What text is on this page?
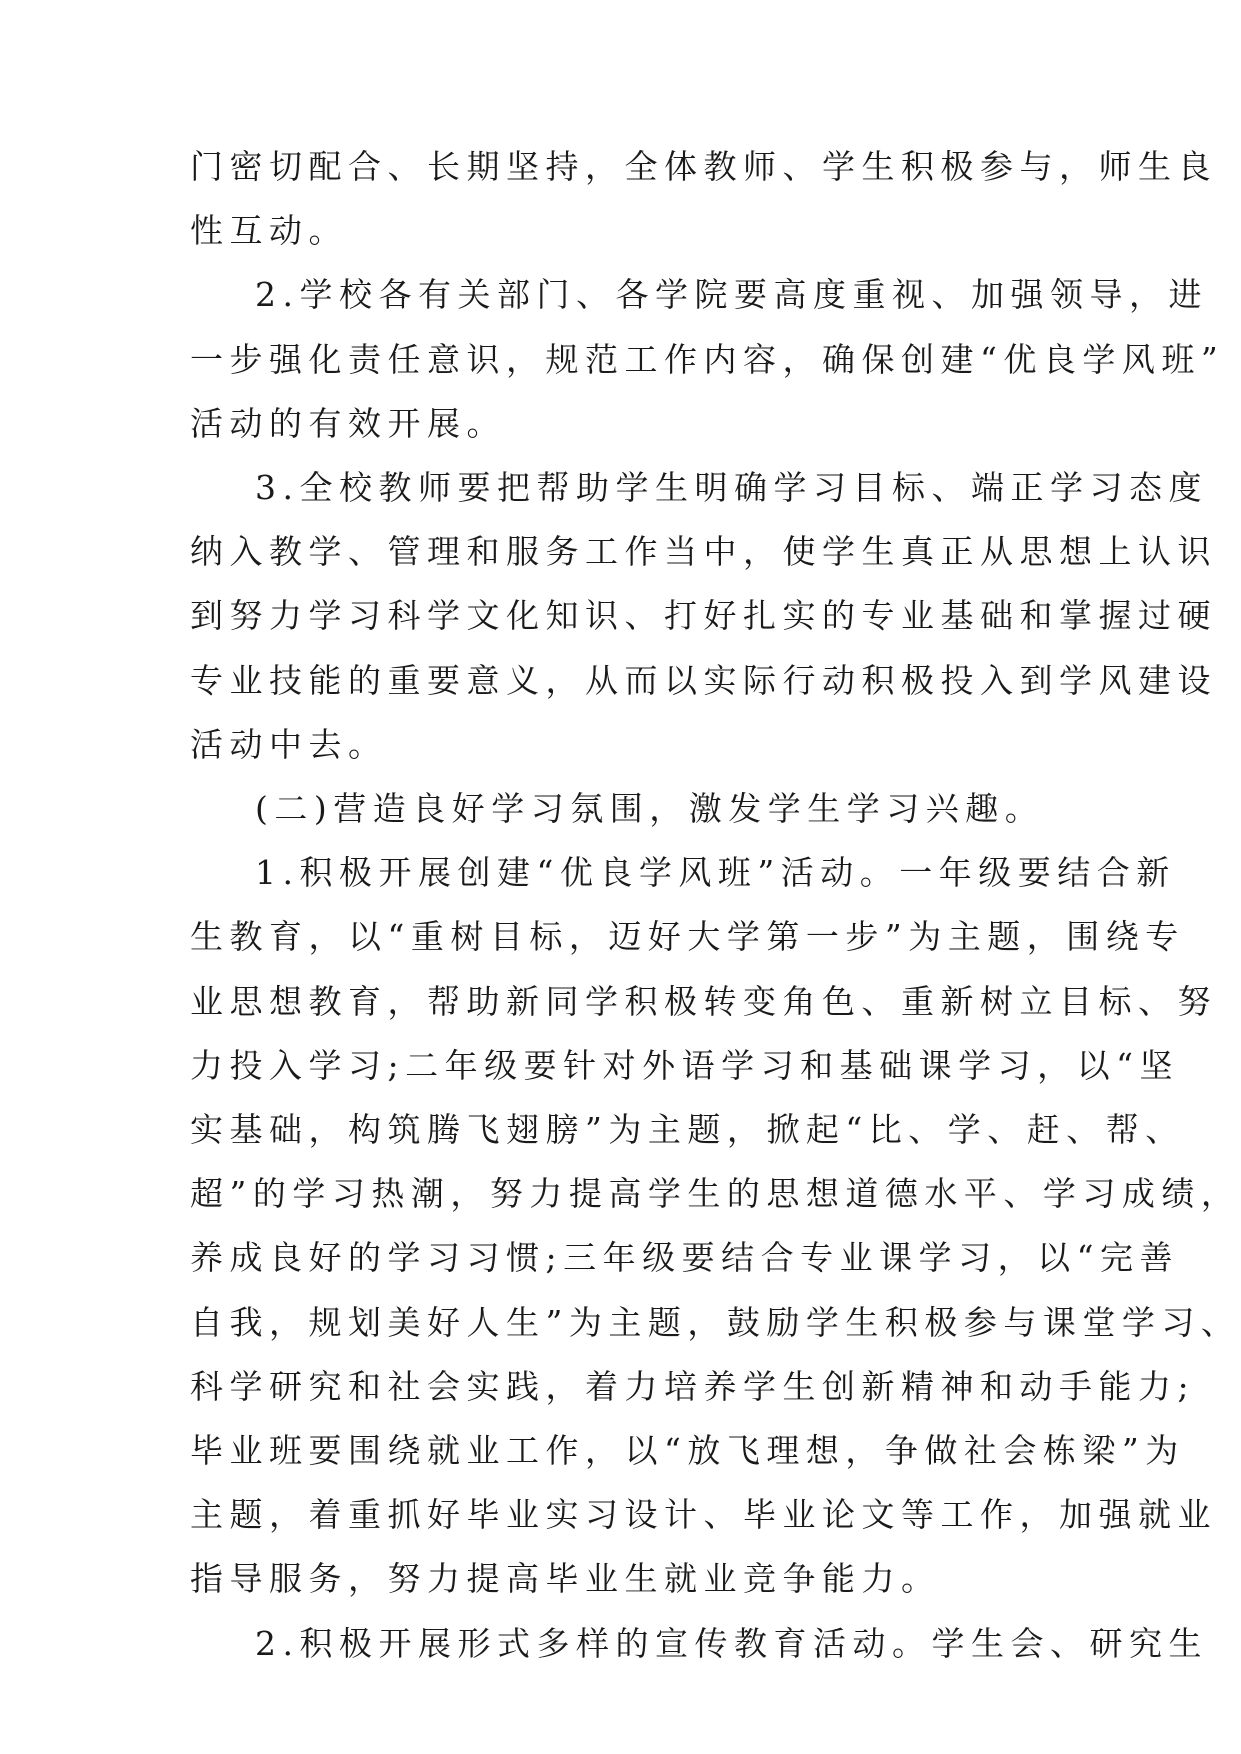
门密切配合、长期坚持，全体教师、学生积极参与，师生良
性互动。
2.学校各有关部门、各学院要高度重视、加强领导，进
一步强化责任意识，规范工作内容，确保创建“优良学风班”
活动的有效开展。
3.全校教师要把帮助学生明确学习目标、端正学习态度
纳入教学、管理和服务工作当中，使学生真正从思想上认识
到努力学习科学文化知识、打好扎实的专业基础和掌握过硬
专业技能的重要意义，从而以实际行动积极投入到学风建设
活动中去。
(二)营造良好学习氛围，激发学生学习兴趣。
1.积极开展创建“优良学风班”活动。一年级要结合新
生教育，以“重树目标，迈好大学第一步”为主题，围绕专
业思想教育，帮助新同学积极转变角色、重新树立目标、努
力投入学习;二年级要针对外语学习和基础课学习，以“坚
实基础，构筑腾飞翅膀”为主题，掀起“比、学、赶、帮、
超”的学习热潮，努力提高学生的思想道德水平、学习成绩，
养成良好的学习习惯;三年级要结合专业课学习，以“完善
自我，规划美好人生”为主题，鼓励学生积极参与课堂学习、
科学研究和社会实践，着力培养学生创新精神和动手能力;
毕业班要围绕就业工作，以“放飞理想，争做社会栋梁”为
主题，着重抓好毕业实习设计、毕业论文等工作，加强就业
指导服务，努力提高毕业生就业竞争能力。
2.积极开展形式多样的宣传教育活动。学生会、研究生
